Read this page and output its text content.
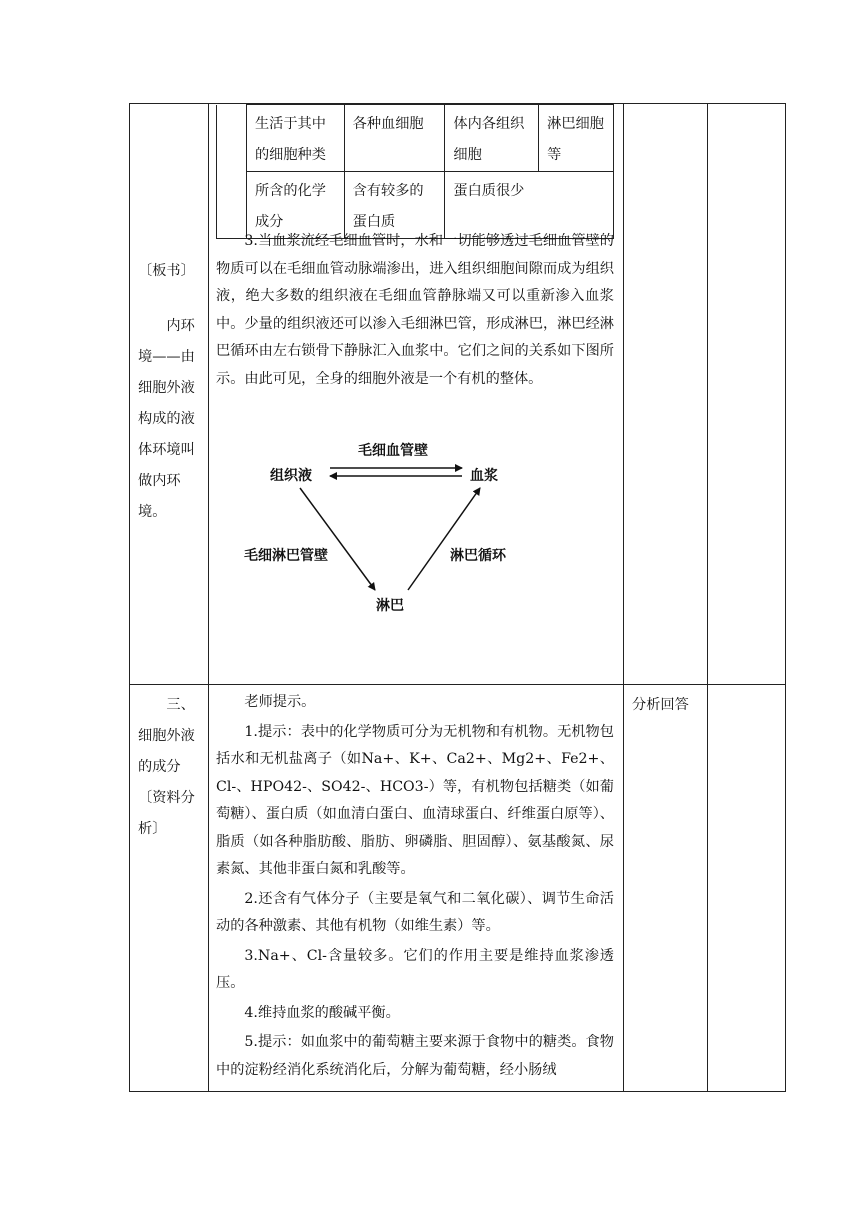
〔板书〕
内环境——由细胞外液构成的液体环境叫做内环境。
	生活于其中的细胞种类	各种血细胞	体内各组织细胞	淋巴细胞等
	所含的化学成分	含有较多的蛋白质	蛋白质很少	

3.当血浆流经毛细血管时，水和一切能够透过毛细血管壁的物质可以在毛细血管动脉端渗出，进入组织细胞间隙而成为组织液，绝大多数的组织液在毛细血管静脉端又可以重新渗入血浆中。少量的组织液还可以渗入毛细淋巴管，形成淋巴，淋巴经淋巴循环由左右锁骨下静脉汇入血浆中。它们之间的关系如下图所示。由此可见，全身的细胞外液是一个有机的整体。

毛细血管壁
组织液	血浆
毛细淋巴管壁	淋巴循环
淋巴
三、
细胞外液
的成分
〔资料分
析〕
分析回答

老师提示。

1.提示：表中的化学物质可分为无机物和有机物。无机物包括水和无机盐离子（如Na+、K+、Ca2+、Mg2+、Fe2+、Cl-、HPO42-、SO42-、HCO3-）等，有机物包括糖类（如葡萄糖）、蛋白质（如血清白蛋白、血清球蛋白、纤维蛋白原等）、脂质（如各种脂肪酸、脂肪、卵磷脂、胆固醇）、氨基酸氮、尿素氮、其他非蛋白氮和乳酸等。

2.还含有气体分子（主要是氧气和二氧化碳）、调节生命活动的各种激素、其他有机物（如维生素）等。

3.Na+、Cl-含量较多。它们的作用主要是维持血浆渗透压。

4.维持血浆的酸碱平衡。

5.提示：如血浆中的葡萄糖主要来源于食物中的糖类。食物中的淀粉经消化系统消化后，分解为葡萄糖，经小肠绒
